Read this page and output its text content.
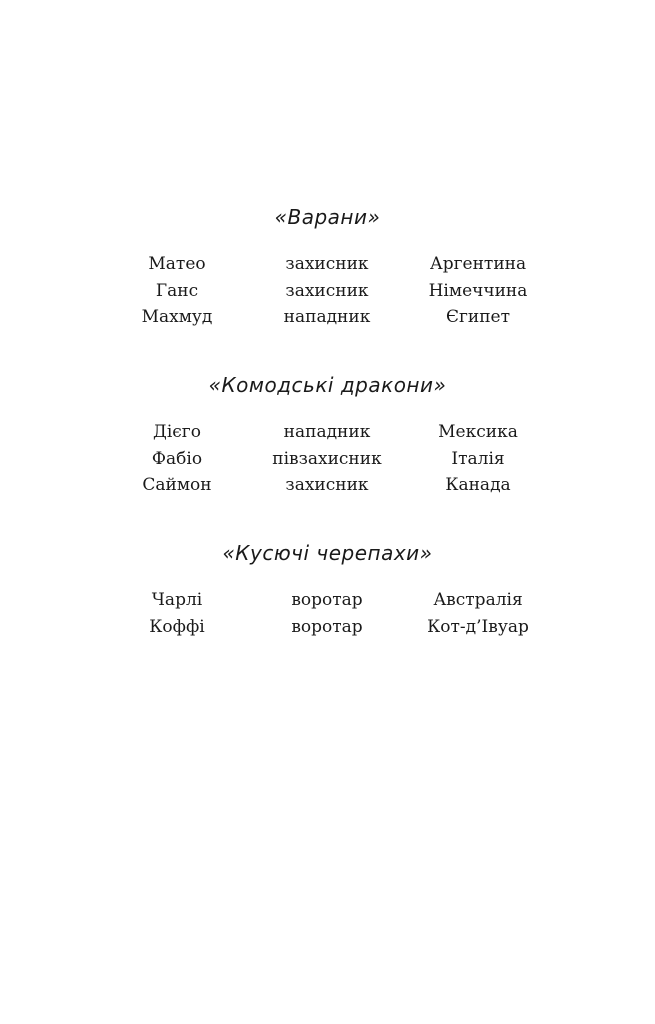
«Варани»
Матео	захисник	Аргентина
Ганс	захисник	Німеччина
Махмуд	нападник	Єгипет
«Комодські дракони»
Дієго	нападник	Мексика
Фабіо	півзахисник	Італія
Саймон	захисник	Канада
«Кусючі черепахи»
Чарлі	воротар	Австралія
Коффі	воротар	Кот-д’Івуар
